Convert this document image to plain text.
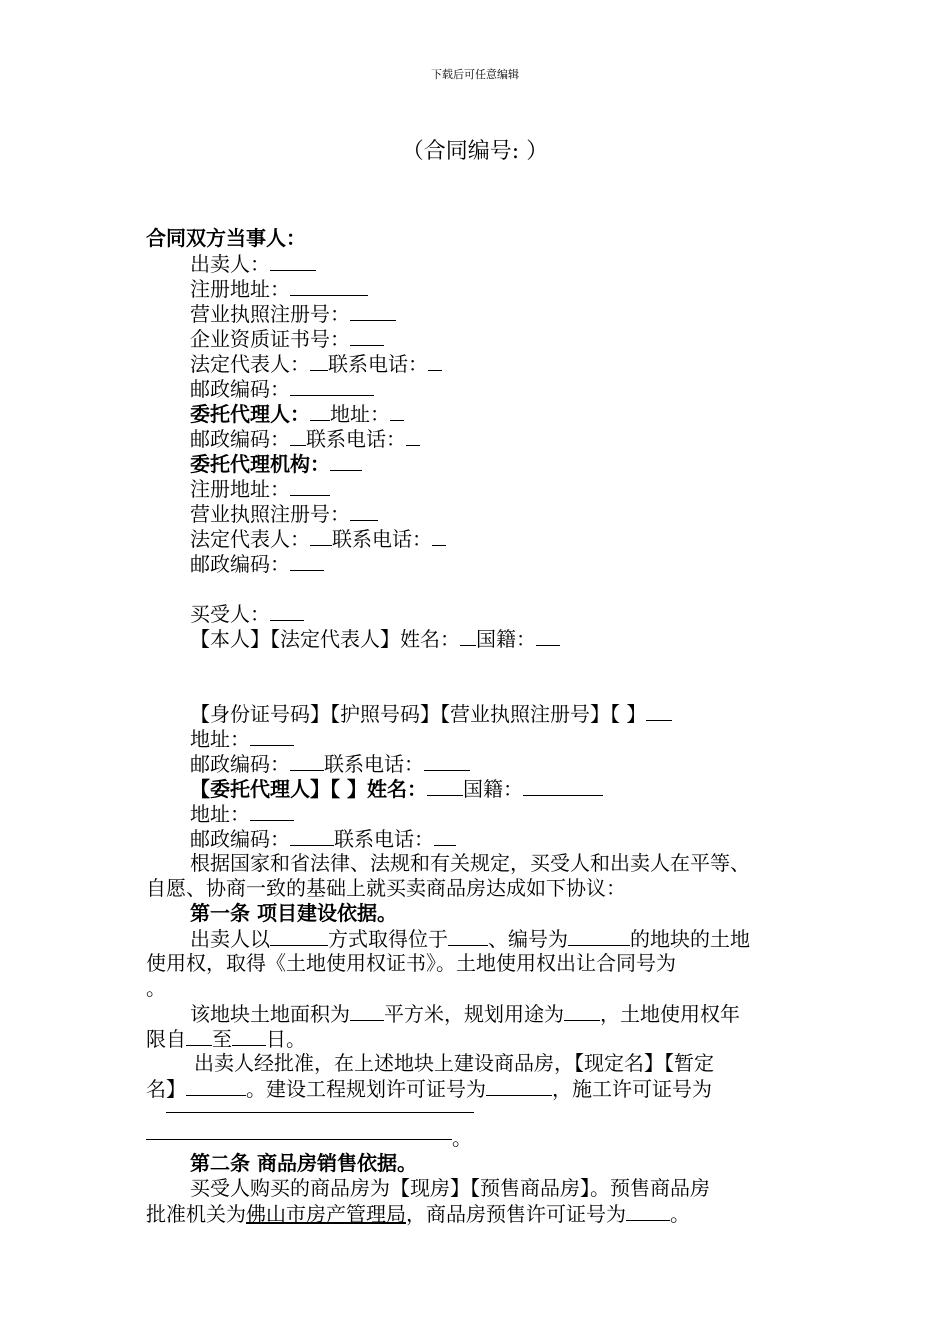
下载后可任意编辑
（合同编号: ）
合同双方当事人：
出卖人：
注册地址：
营业执照注册号：
企业资质证书号：
法定代表人： 联系电话：
邮政编码：
委托代理人： 地址：
邮政编码： 联系电话：
委托代理机构：
注册地址：
营业执照注册号：
法定代表人： 联系电话：
邮政编码：
买受人：
【本人】【法定代表人】姓名： 国籍：
【身份证号码】【护照号码】【营业执照注册号】【 】
地址：
邮政编码： 联系电话：
【委托代理人】【 】姓名： 国籍：
地址：
邮政编码： 联系电话：
根据国家和省法律、法规和有关规定，买受人和出卖人在平等、
自愿、协商一致的基础上就买卖商品房达成如下协议：
第一条 项目建设依据。
出卖人以	方式取得位于 、编号为	的地块的土地
使用权，取得《土地使用权证书》。土地使用权出让合同号为
。
该地块土地面积为 平方米，规划用途为 ，土地使用权年
限自 至 日。
出卖人经批准，在上述地块上建设商品房，【现定名】【暂定
名】	。建设工程规划许可证号为	，施工许可证号为
第二条 商品房销售依据。
买受人购买的商品房为【现房】【预售商品房】。预售商品房
批准机关为佛山市房产管理局，商品房预售许可证号为 。
。
